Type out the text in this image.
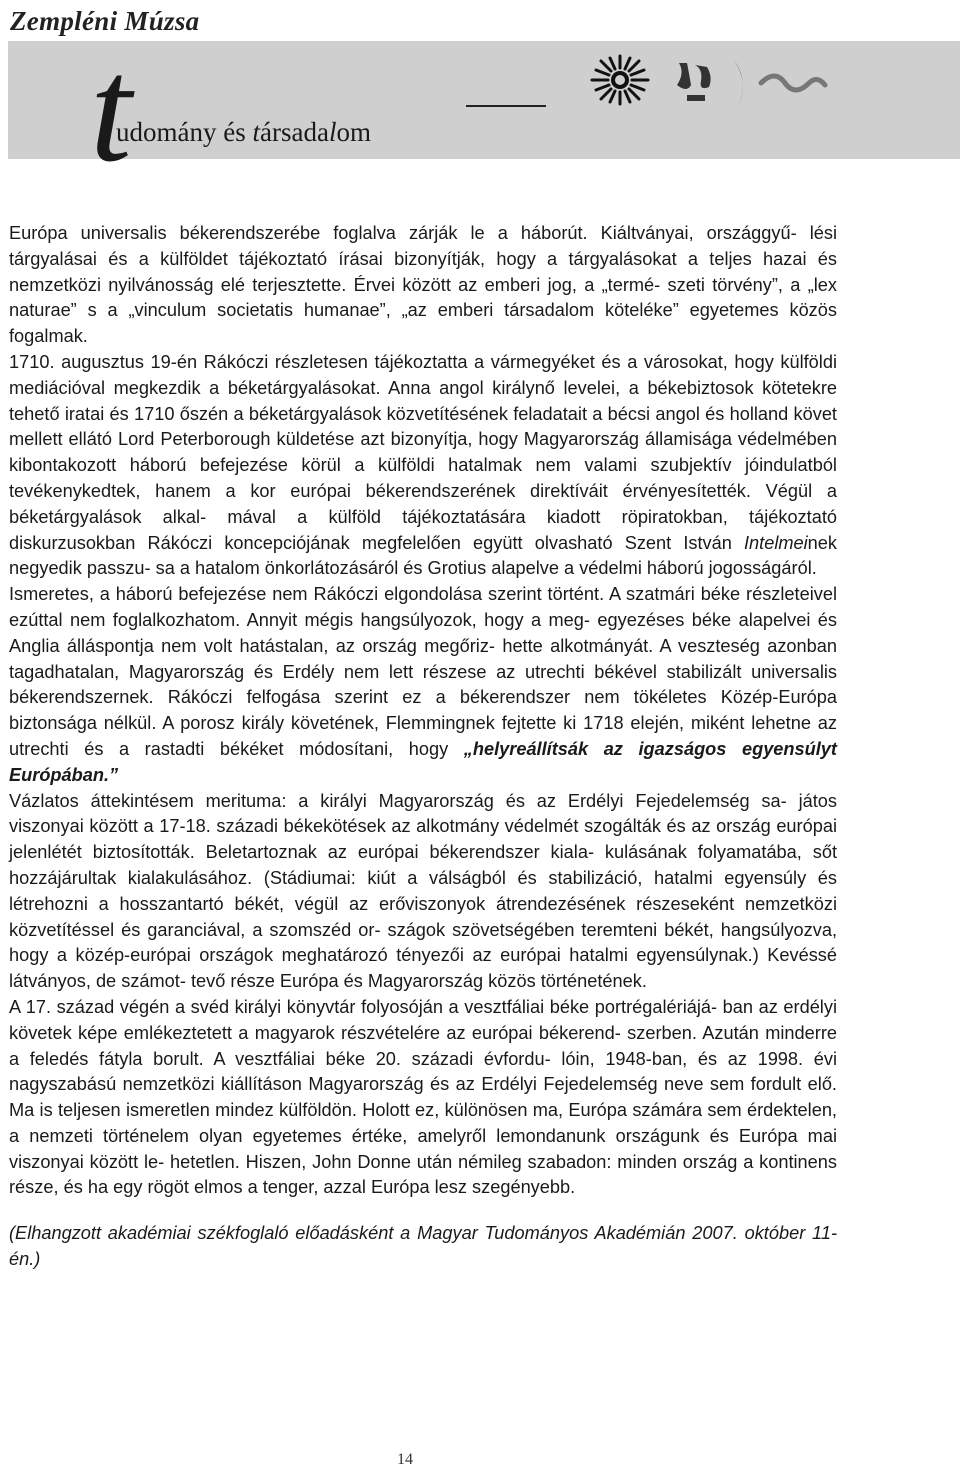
Zempléni Múzsa
t
udomány és társadalom

Európa universalis békerendszerébe foglalva zárják le a háborút. Kiáltványai, országgyű- lési tárgyalásai és a külföldet tájékoztató írásai bizonyítják, hogy a tárgyalásokat a teljes hazai és nemzetközi nyilvánosság elé terjesztette. Érvei között az emberi jog, a „termé- szeti törvény”, a „lex naturae” s a „vinculum societatis humanae”, „az emberi társadalom köteléke” egyetemes közös fogalmak.

1710. augusztus 19-én Rákóczi részletesen tájékoztatta a vármegyéket és a városokat, hogy külföldi mediációval megkezdik a béketárgyalásokat. Anna angol királynő levelei, a békebiztosok kötetekre tehető iratai és 1710 őszén a béketárgyalások közvetítésének feladatait a bécsi angol és holland követ mellett ellátó Lord Peterborough küldetése azt bizonyítja, hogy Magyarország államisága védelmében kibontakozott háború befejezése körül a külföldi hatalmak nem valami szubjektív jóindulatból tevékenykedtek, hanem a kor európai békerendszerének direktíváit érvényesítették. Végül a béketárgyalások alkal- mával a külföld tájékoztatására kiadott röpiratokban, tájékoztató diskurzusokban Rákóczi koncepciójának megfelelően együtt olvasható Szent István Intelmeinek negyedik passzu- sa a hatalom önkorlátozásáról és Grotius alapelve a védelmi háború jogosságáról.

Ismeretes, a háború befejezése nem Rákóczi elgondolása szerint történt. A szatmári béke részleteivel ezúttal nem foglalkozhatom. Annyit mégis hangsúlyozok, hogy a meg- egyezéses béke alapelvei és Anglia álláspontja nem volt hatástalan, az ország megőriz- hette alkotmányát. A veszteség azonban tagadhatalan, Magyarország és Erdély nem lett részese az utrechti békével stabilizált universalis békerendszernek. Rákóczi felfogása szerint ez a békerendszer nem tökéletes Közép-Európa biztonsága nélkül. A porosz király követének, Flemmingnek fejtette ki 1718 elején, miként lehetne az utrechti és a rastadti békéket módosítani, hogy „helyreállítsák az igazságos egyensúlyt Európában.”

Vázlatos áttekintésem merituma: a királyi Magyarország és az Erdélyi Fejedelemség sa- játos viszonyai között a 17-18. századi békekötések az alkotmány védelmét szogálták és az ország európai jelenlétét biztosították. Beletartoznak az európai békerendszer kiala- kulásának folyamatába, sőt hozzájárultak kialakulásához. (Stádiumai: kiút a válságból és stabilizáció, hatalmi egyensúly és létrehozni a hosszantartó békét, végül az erőviszonyok átrendezésének részeseként nemzetközi közvetítéssel és garanciával, a szomszéd or- szágok szövetségében teremteni békét, hangsúlyozva, hogy a közép-európai országok meghatározó tényezői az európai hatalmi egyensúlynak.) Kevéssé látványos, de számot- tevő része Európa és Magyarország közös történetének.

A 17. század végén a svéd királyi könyvtár folyosóján a vesztfáliai béke portrégalériájá- ban az erdélyi követek képe emlékeztetett a magyarok részvételére az európai békerend- szerben. Azután minderre a feledés fátyla borult. A vesztfáliai béke 20. századi évfordu- lóin, 1948-ban, és az 1998. évi nagyszabású nemzetközi kiállításon Magyarország és az Erdélyi Fejedelemség neve sem fordult elő. Ma is teljesen ismeretlen mindez külföldön. Holott ez, különösen ma, Európa számára sem érdektelen, a nemzeti történelem olyan egyetemes értéke, amelyről lemondanunk országunk és Európa mai viszonyai között le- hetetlen. Hiszen, John Donne után némileg szabadon: minden ország a kontinens része, és ha egy rögöt elmos a tenger, azzal Európa lesz szegényebb.

(Elhangzott akadémiai székfoglaló előadásként a Magyar Tudományos Akadémián 2007. október 11-én.)

14
